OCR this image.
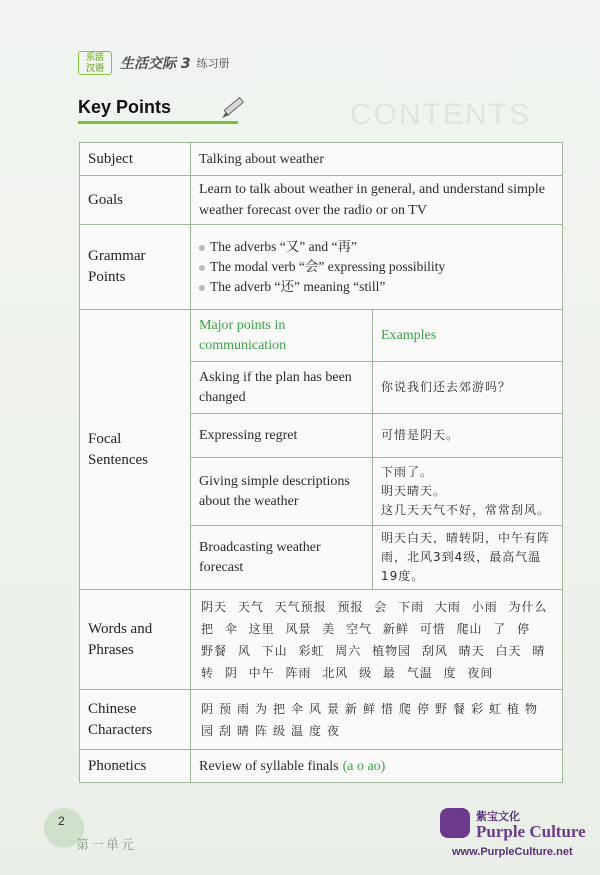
乐活
汉语	生活交际 3 练习册
CONTENTS
Key Points
Subject	Talking about weather	
Goals	Learn to talk about weather in general, and understand simple weather forecast over the radio or on TV	
Grammar Points	The adverbs “又” and “再”
The modal verb “会” expressing possibility
The adverb “还” meaning “still”	

Focal Sentences	Major points in communication	Examples
	Asking if the plan has been changed	你说我们还去郊游吗？
	Expressing regret	可惜是阴天。
	Giving simple descriptions about the weather	下雨了。
明天晴天。
这几天天气不好，常常刮风。
	Broadcasting weather forecast	明天白天，晴转阴，中午有阵雨，北风3到4级，最高气温19度。
Words and Phrases	阴天 天气 天气预报 预报 会 下雨 大雨 小雨 为什么 把 伞 这里 风景 美 空气 新鲜 可惜 爬山 了 停 野餐 风 下山 彩虹 周六 植物园 刮风 晴天 白天 晴 转 阴 中午 阵雨 北风 级 最 气温 度 夜间	
Chinese Characters	阴预雨为把伞风景新鲜惜爬停野餐彩虹植物园刮晴阵级温度夜	
Phonetics	Review of syllable finals (a o ao)	
2
第一单元
紫宝文化
Purple Culture
www.PurpleCulture.net
